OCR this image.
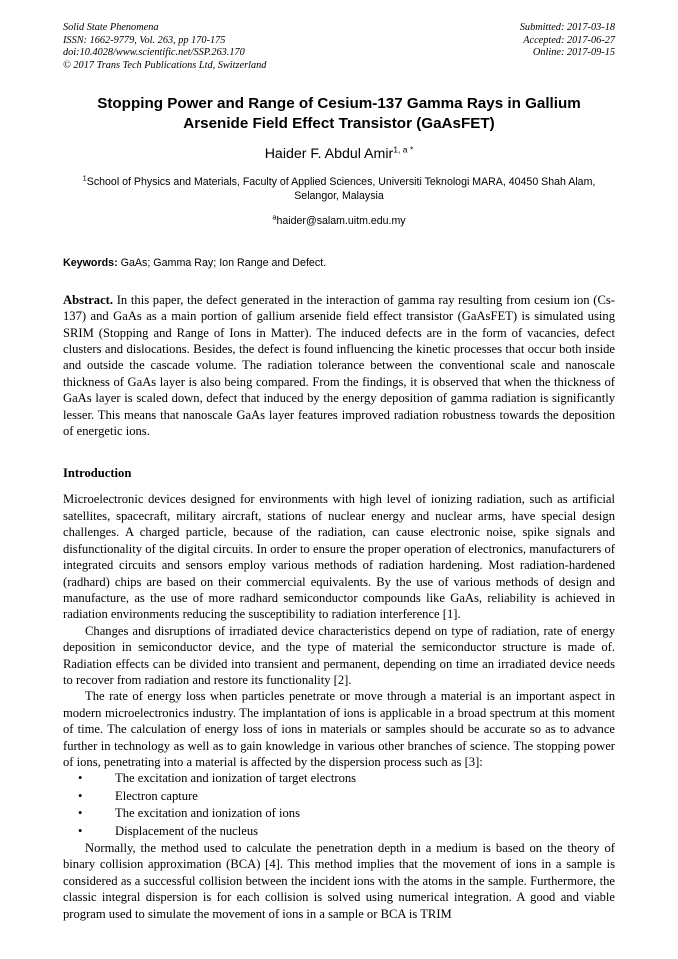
Solid State Phenomena
ISSN: 1662-9779, Vol. 263, pp 170-175
doi:10.4028/www.scientific.net/SSP.263.170
© 2017 Trans Tech Publications Ltd, Switzerland
Submitted: 2017-03-18
Accepted: 2017-06-27
Online: 2017-09-15
Stopping Power and Range of Cesium-137 Gamma Rays in Gallium Arsenide Field Effect Transistor (GaAsFET)
Haider F. Abdul Amir$^{1, a *}$
$^1$School of Physics and Materials, Faculty of Applied Sciences, Universiti Teknologi MARA, 40450 Shah Alam, Selangor, Malaysia
$^a$haider@salam.uitm.edu.my
Keywords: GaAs; Gamma Ray; Ion Range and Defect.
Abstract. In this paper, the defect generated in the interaction of gamma ray resulting from cesium ion (Cs-137) and GaAs as a main portion of gallium arsenide field effect transistor (GaAsFET) is simulated using SRIM (Stopping and Range of Ions in Matter). The induced defects are in the form of vacancies, defect clusters and dislocations. Besides, the defect is found influencing the kinetic processes that occur both inside and outside the cascade volume. The radiation tolerance between the conventional scale and nanoscale thickness of GaAs layer is also being compared. From the findings, it is observed that when the thickness of GaAs layer is scaled down, defect that induced by the energy deposition of gamma radiation is significantly lesser. This means that nanoscale GaAs layer features improved radiation robustness towards the deposition of energetic ions.
Introduction
Microelectronic devices designed for environments with high level of ionizing radiation, such as artificial satellites, spacecraft, military aircraft, stations of nuclear energy and nuclear arms, have special design challenges. A charged particle, because of the radiation, can cause electronic noise, spike signals and disfunctionality of the digital circuits. In order to ensure the proper operation of electronics, manufacturers of integrated circuits and sensors employ various methods of radiation hardening. Most radiation-hardened (radhard) chips are based on their commercial equivalents. By the use of various methods of design and manufacture, as the use of more radhard semiconductor compounds like GaAs, reliability is achieved in radiation environments reducing the susceptibility to radiation interference [1].
Changes and disruptions of irradiated device characteristics depend on type of radiation, rate of energy deposition in semiconductor device, and the type of material the semiconductor structure is made of. Radiation effects can be divided into transient and permanent, depending on time an irradiated device needs to recover from radiation and restore its functionality [2].
The rate of energy loss when particles penetrate or move through a material is an important aspect in modern microelectronics industry. The implantation of ions is applicable in a broad spectrum at this moment of time. The calculation of energy loss of ions in materials or samples should be accurate so as to advance further in technology as well as to gain knowledge in various other branches of science. The stopping power of ions, penetrating into a material is affected by the dispersion process such as [3]:
•	The excitation and ionization of target electrons
•	Electron capture
•	The excitation and ionization of ions
•	Displacement of the nucleus
Normally, the method used to calculate the penetration depth in a medium is based on the theory of binary collision approximation (BCA) [4]. This method implies that the movement of ions in a sample is considered as a successful collision between the incident ions with the atoms in the sample. Furthermore, the classic integral dispersion is for each collision is solved using numerical integration. A good and viable program used to simulate the movement of ions in a sample or BCA is TRIM
